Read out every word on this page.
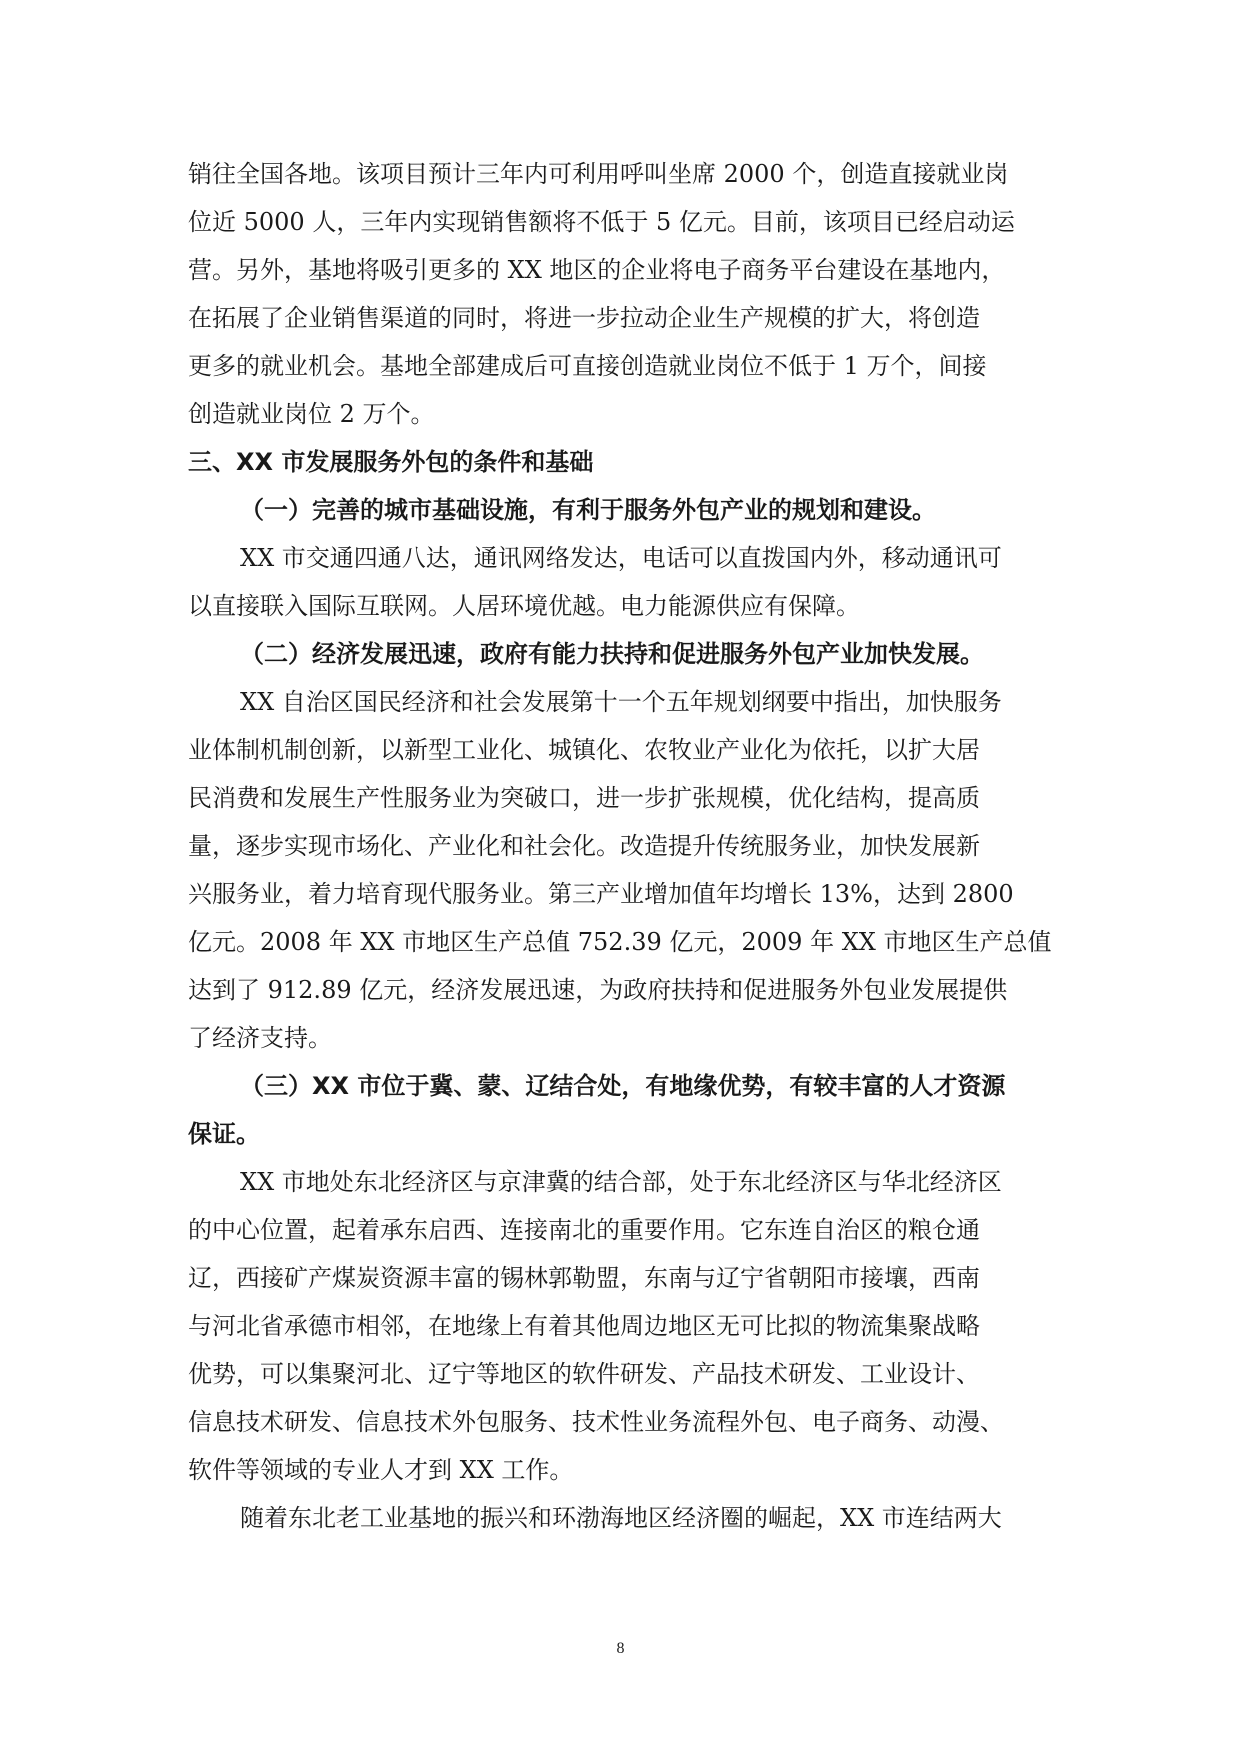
销往全国各地。该项目预计三年内可利用呼叫坐席 2000 个，创造直接就业岗
位近 5000 人，三年内实现销售额将不低于 5 亿元。目前，该项目已经启动运
营。另外，基地将吸引更多的 XX 地区的企业将电子商务平台建设在基地内，
在拓展了企业销售渠道的同时，将进一步拉动企业生产规模的扩大，将创造
更多的就业机会。基地全部建成后可直接创造就业岗位不低于 1 万个，间接
创造就业岗位 2 万个。
三、XX 市发展服务外包的条件和基础
（一）完善的城市基础设施，有利于服务外包产业的规划和建设。
XX 市交通四通八达，通讯网络发达，电话可以直拨国内外，移动通讯可
以直接联入国际互联网。人居环境优越。电力能源供应有保障。
（二）经济发展迅速，政府有能力扶持和促进服务外包产业加快发展。
XX 自治区国民经济和社会发展第十一个五年规划纲要中指出，加快服务
业体制机制创新，以新型工业化、城镇化、农牧业产业化为依托，以扩大居
民消费和发展生产性服务业为突破口，进一步扩张规模，优化结构，提高质
量，逐步实现市场化、产业化和社会化。改造提升传统服务业，加快发展新
兴服务业，着力培育现代服务业。第三产业增加值年均增长 13%，达到 2800
亿元。2008 年 XX 市地区生产总值 752.39 亿元，2009 年 XX 市地区生产总值
达到了 912.89 亿元，经济发展迅速，为政府扶持和促进服务外包业发展提供
了经济支持。
（三）XX 市位于冀、蒙、辽结合处，有地缘优势，有较丰富的人才资源
保证。
XX 市地处东北经济区与京津冀的结合部，处于东北经济区与华北经济区
的中心位置，起着承东启西、连接南北的重要作用。它东连自治区的粮仓通
辽，西接矿产煤炭资源丰富的锡林郭勒盟，东南与辽宁省朝阳市接壤，西南
与河北省承德市相邻，在地缘上有着其他周边地区无可比拟的物流集聚战略
优势，可以集聚河北、辽宁等地区的软件研发、产品技术研发、工业设计、
信息技术研发、信息技术外包服务、技术性业务流程外包、电子商务、动漫、
软件等领域的专业人才到 XX 工作。
随着东北老工业基地的振兴和环渤海地区经济圈的崛起，XX 市连结两大
8
